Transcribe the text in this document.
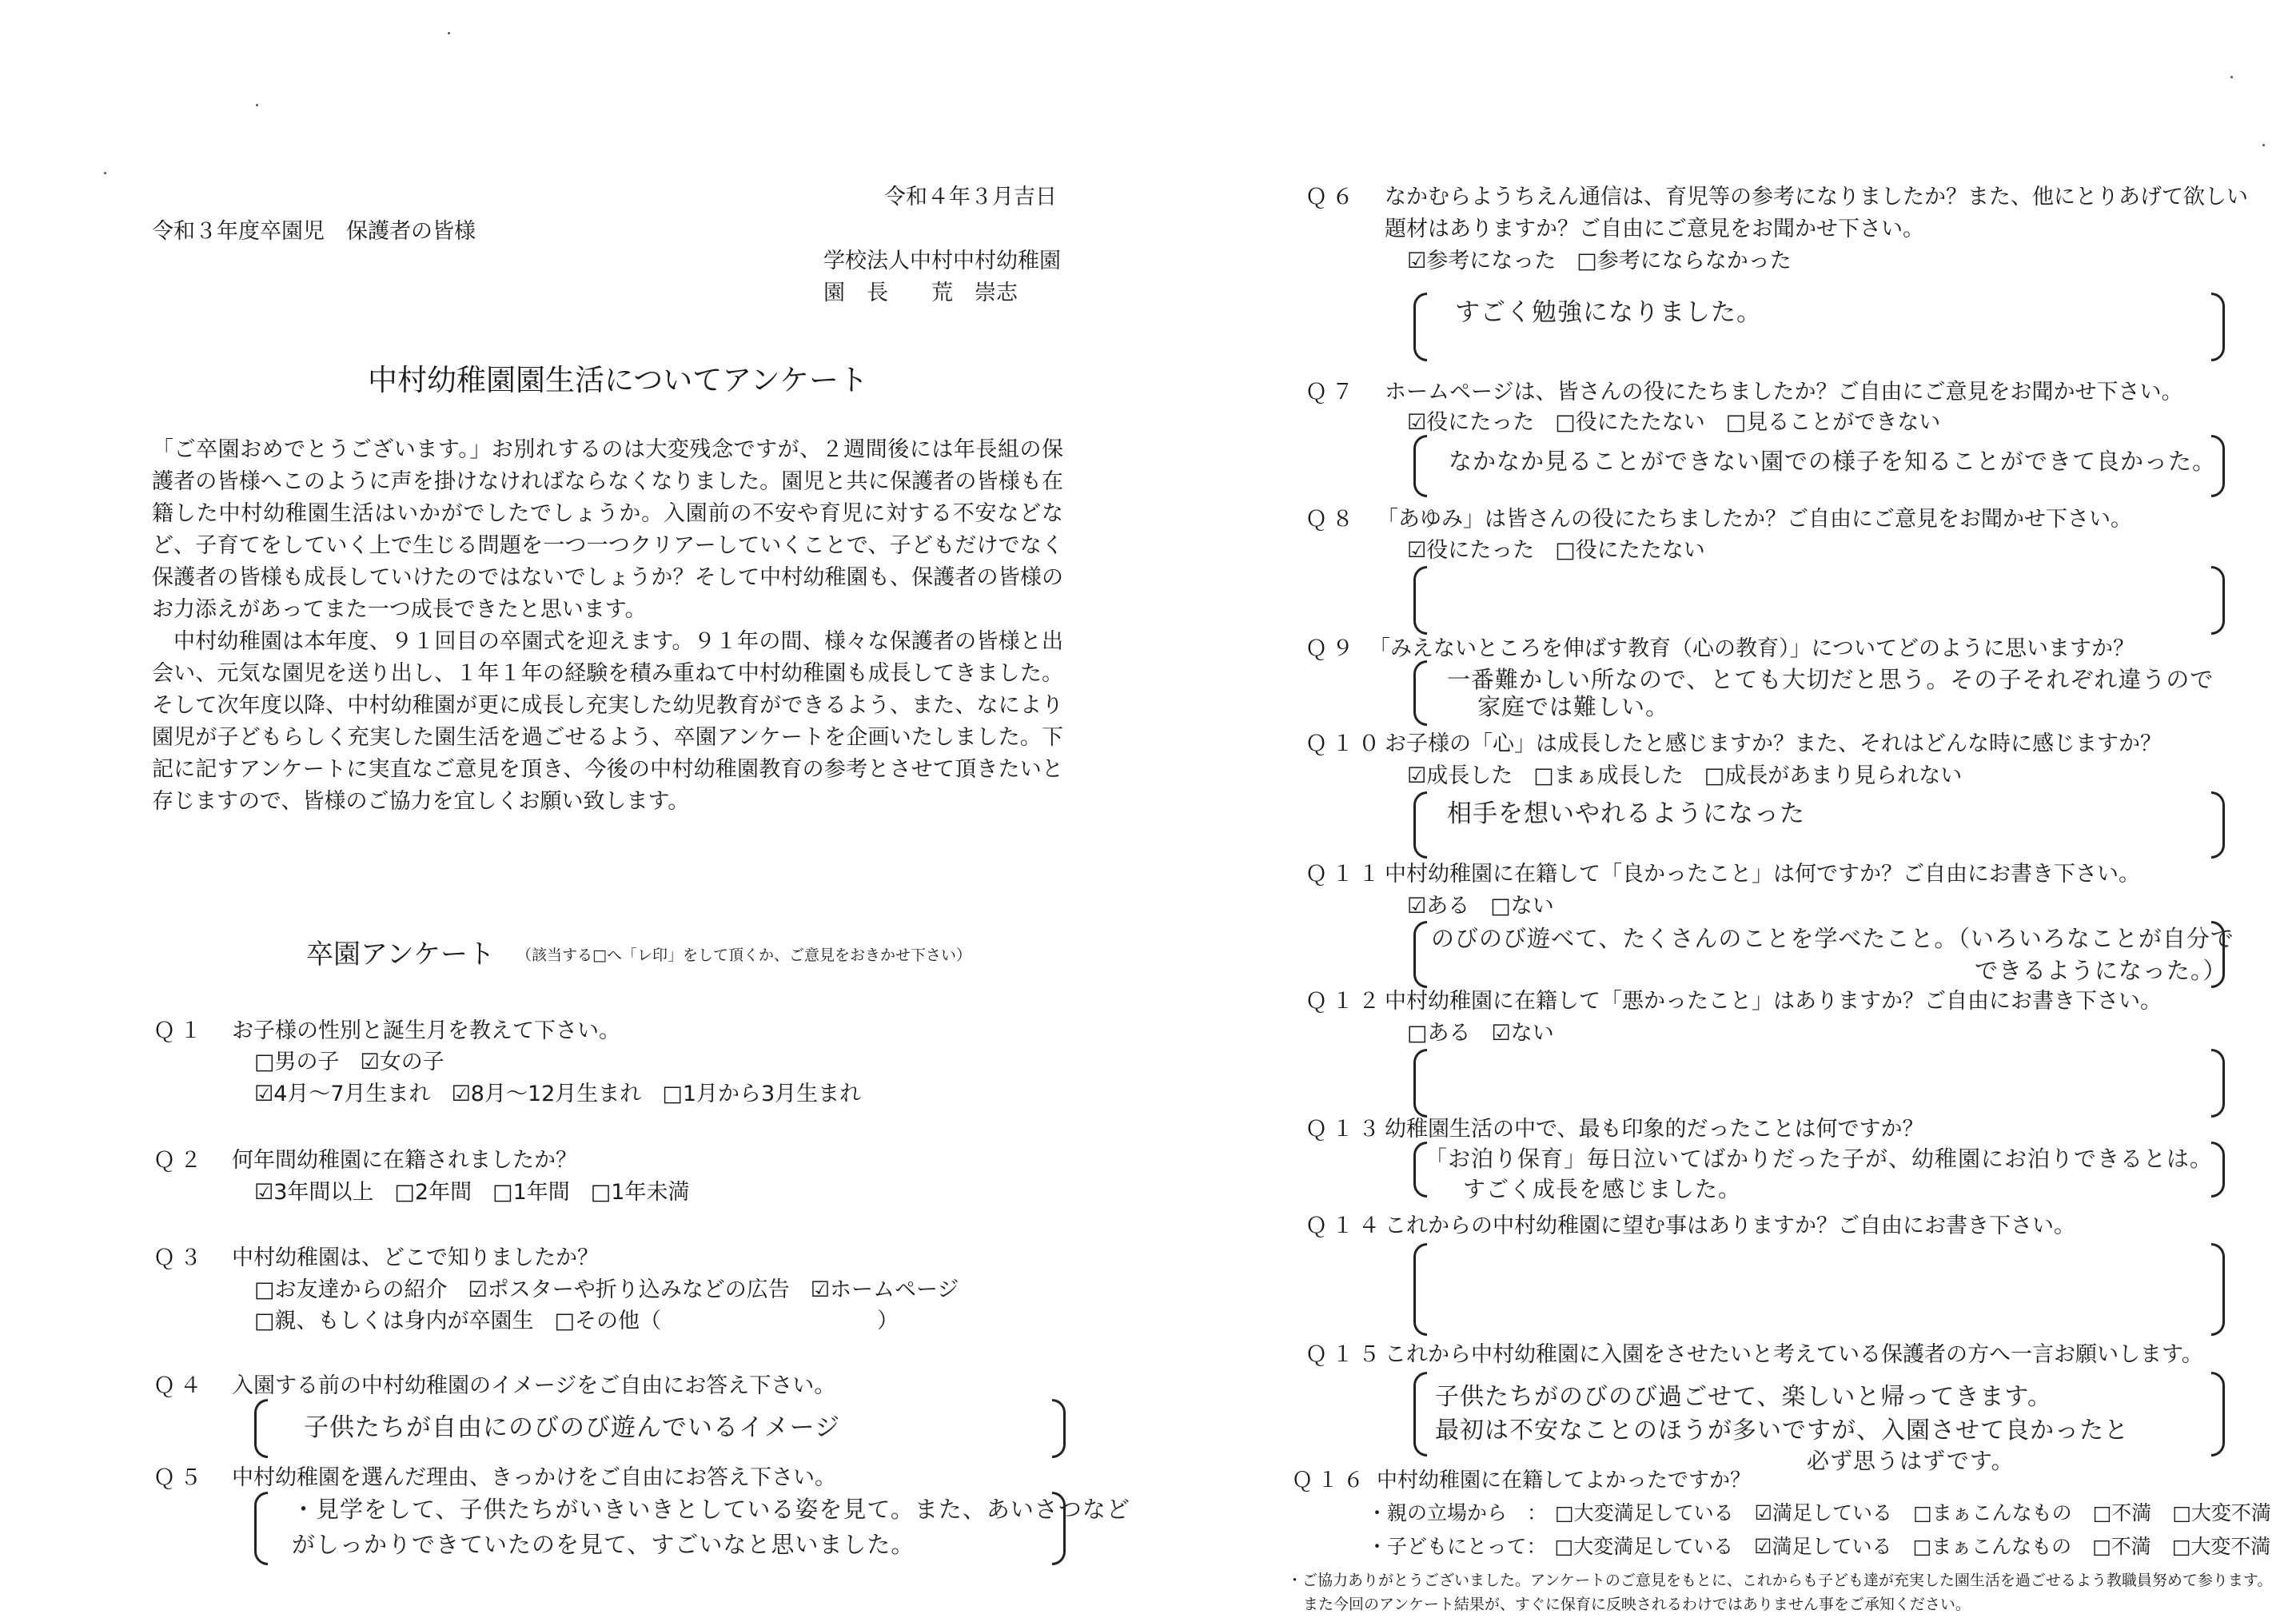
令和４年３月吉日
令和３年度卒園児　保護者の皆様
学校法人中村中村幼稚園
園　長　　荒　崇志
中村幼稚園園生活についてアンケート

「ご卒園おめでとうございます。」お別れするのは大変残念ですが、２週間後には年長組の保護者の皆様へこのように声を掛けなければならなくなりました。園児と共に保護者の皆様も在籍した中村幼稚園生活はいかがでしたでしょうか。入園前の不安や育児に対する不安などなど、子育てをしていく上で生じる問題を一つ一つクリアーしていくことで、子どもだけでなく保護者の皆様も成長していけたのではないでしょうか？そして中村幼稚園も、保護者の皆様のお力添えがあってまた一つ成長できたと思います。

中村幼稚園は本年度、９１回目の卒園式を迎えます。９１年の間、様々な保護者の皆様と出会い、元気な園児を送り出し、１年１年の経験を積み重ねて中村幼稚園も成長してきました。そして次年度以降、中村幼稚園が更に成長し充実した幼児教育ができるよう、また、なにより園児が子どもらしく充実した園生活を過ごせるよう、卒園アンケートを企画いたしました。下記に記すアンケートに実直なご意見を頂き、今後の中村幼稚園教育の参考とさせて頂きたいと存じますので、皆様のご協力を宜しくお願い致します。

卒園アンケート （該当する□へ「レ印」をして頂くか、ご意見をおきかせ下さい）
Ｑ１ お子様の性別と誕生月を教えて下さい。
□男の子 ☑女の子
☑4月～7月生まれ ☑8月～12月生まれ □1月から3月生まれ
Ｑ２ 何年間幼稚園に在籍されましたか？
☑3年間以上 □2年間 □1年間 □1年未満
Ｑ３ 中村幼稚園は、どこで知りましたか？
□お友達からの紹介 ☑ポスターや折り込みなどの広告 ☑ホームページ
□親、もしくは身内が卒園生 □その他（　　　　　　　　　　）
Ｑ４ 入園する前の中村幼稚園のイメージをご自由にお答え下さい。
子供たちが自由にのびのび遊んでいるイメージ
Ｑ５ 中村幼稚園を選んだ理由、きっかけをご自由にお答え下さい。
・見学をして、子供たちがいきいきとしている姿を見て。また、あいさつなど
がしっかりできていたのを見て、すごいなと思いました。
Ｑ６ なかむらようちえん通信は、育児等の参考になりましたか？また、他にとりあげて欲しい
題材はありますか？ご自由にご意見をお聞かせ下さい。
☑参考になった □参考にならなかった
すごく勉強になりました。
Ｑ７ ホームページは、皆さんの役にたちましたか？ご自由にご意見をお聞かせ下さい。
☑役にたった □役にたたない □見ることができない
なかなか見ることができない園での様子を知ることができて良かった。
Ｑ８ 「あゆみ」は皆さんの役にたちましたか？ご自由にご意見をお聞かせ下さい。
☑役にたった □役にたたない
Ｑ９ 「みえないところを伸ばす教育（心の教育）」についてどのように思いますか？
一番難かしい所なので、とても大切だと思う。その子それぞれ違うので
家庭では難しい。
Ｑ１０ お子様の「心」は成長したと感じますか？また、それはどんな時に感じますか？
☑成長した □まぁ成長した □成長があまり見られない
相手を想いやれるようになった
Ｑ１１ 中村幼稚園に在籍して「良かったこと」は何ですか？ご自由にお書き下さい。
☑ある □ない
のびのび遊べて、たくさんのことを学べたこと。（いろいろなことが自分で
できるようになった。）
Ｑ１２ 中村幼稚園に在籍して「悪かったこと」はありますか？ご自由にお書き下さい。
□ある ☑ない
Ｑ１３ 幼稚園生活の中で、最も印象的だったことは何ですか？
「お泊り保育」毎日泣いてばかりだった子が、幼稚園にお泊りできるとは。
すごく成長を感じました。
Ｑ１４ これからの中村幼稚園に望む事はありますか？ご自由にお書き下さい。
Ｑ１５ これから中村幼稚園に入園をさせたいと考えている保護者の方へ一言お願いします。
子供たちがのびのび過ごせて、楽しいと帰ってきます。
最初は不安なことのほうが多いですが、入園させて良かったと
必ず思うはずです。
Ｑ１６ 中村幼稚園に在籍してよかったですか？
・親の立場から　： □大変満足している ☑満足している □まぁこんなもの □不満 □大変不満
・子どもにとって： □大変満足している ☑満足している □まぁこんなもの □不満 □大変不満
・ご協力ありがとうございました。アンケートのご意見をもとに、これからも子ども達が充実した園生活を過ごせるよう教職員努めて参ります。
また今回のアンケート結果が、すぐに保育に反映されるわけではありません事をご承知ください。
